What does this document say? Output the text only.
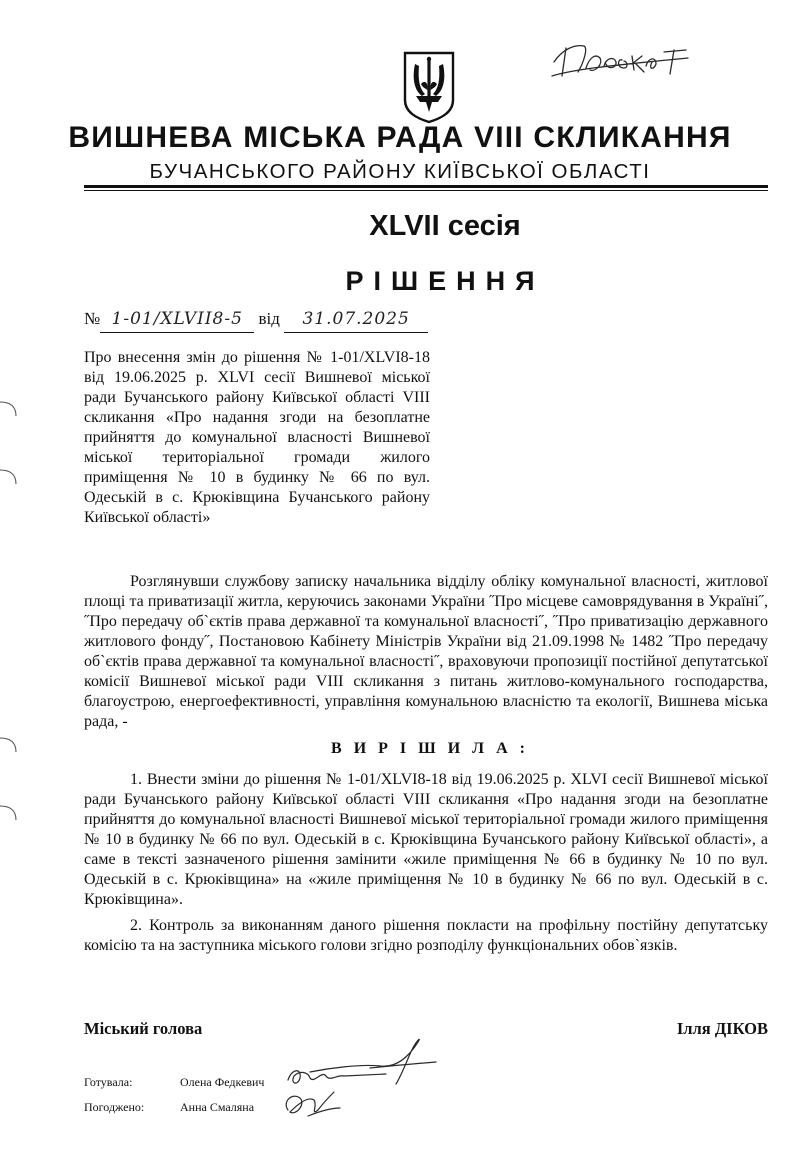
ВИШНЕВА МІСЬКА РАДА VIII СКЛИКАННЯ
БУЧАНСЬКОГО РАЙОНУ КИЇВСЬКОЇ ОБЛАСТІ
XLVII сесія
РІШЕННЯ
№ 1-01/XLVII8-5 від 31.07.2025
Про внесення змін до рішення № 1-01/XLVI8-18 від 19.06.2025 р. XLVI сесії Вишневої міської ради Бучанського району Київської області VIII скликання «Про надання згоди на безоплатне прийняття до комунальної власності Вишневої міської територіальної громади жилого приміщення № 10 в будинку № 66 по вул. Одеській в с. Крюківщина Бучанського району Київської області»
Розглянувши службову записку начальника відділу обліку комунальної власності, житлової площі та приватизації житла, керуючись законами України ˝Про місцеве самоврядування в Україні˝, ˝Про передачу об`єктів права державної та комунальної власності˝, ˝Про приватизацію державного житлового фонду˝, Постановою Кабінету Міністрів України від 21.09.1998 № 1482 ˝Про передачу об`єктів права державної та комунальної власності˝, враховуючи пропозиції постійної депутатської комісії Вишневої міської ради VIII скликання з питань житлово-комунального господарства, благоустрою, енергоефективності, управління комунальною власністю та екології, Вишнева міська рада, -
В И Р І Ш И Л А :
1. Внести зміни до рішення № 1-01/XLVI8-18 від 19.06.2025 р. XLVI сесії Вишневої міської ради Бучанського району Київської області VIII скликання «Про надання згоди на безоплатне прийняття до комунальної власності Вишневої міської територіальної громади жилого приміщення № 10 в будинку № 66 по вул. Одеській в с. Крюківщина Бучанського району Київської області», а саме в тексті зазначеного рішення замінити «жиле приміщення № 66 в будинку № 10 по вул. Одеській в с. Крюківщина» на «жиле приміщення № 10 в будинку № 66 по вул. Одеській в с. Крюківщина».
2. Контроль за виконанням даного рішення покласти на профільну постійну депутатську комісію та на заступника міського голови згідно розподілу функціональних обов`язків.
Міський голова	Ілля ДІКОВ
Готувала:	Олена Федкевич
Погоджено:	Анна Смаляна
